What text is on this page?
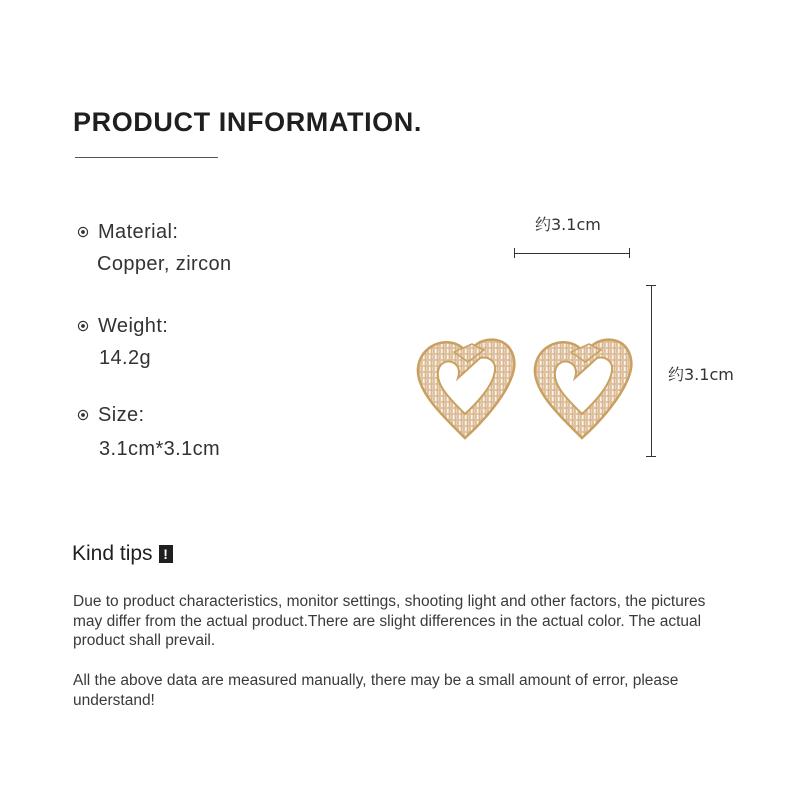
PRODUCT INFORMATION.
Material:
Copper, zircon
Weight:
14.2g
Size:
3.1cm*3.1cm
约3.1cm
约3.1cm
Kind tips !

Due to product characteristics, monitor settings, shooting light and other factors, the pictures may differ from the actual product.There are slight differences in the actual color. The actual product shall prevail.

All the above data are measured manually, there may be a small amount of error, please understand!
